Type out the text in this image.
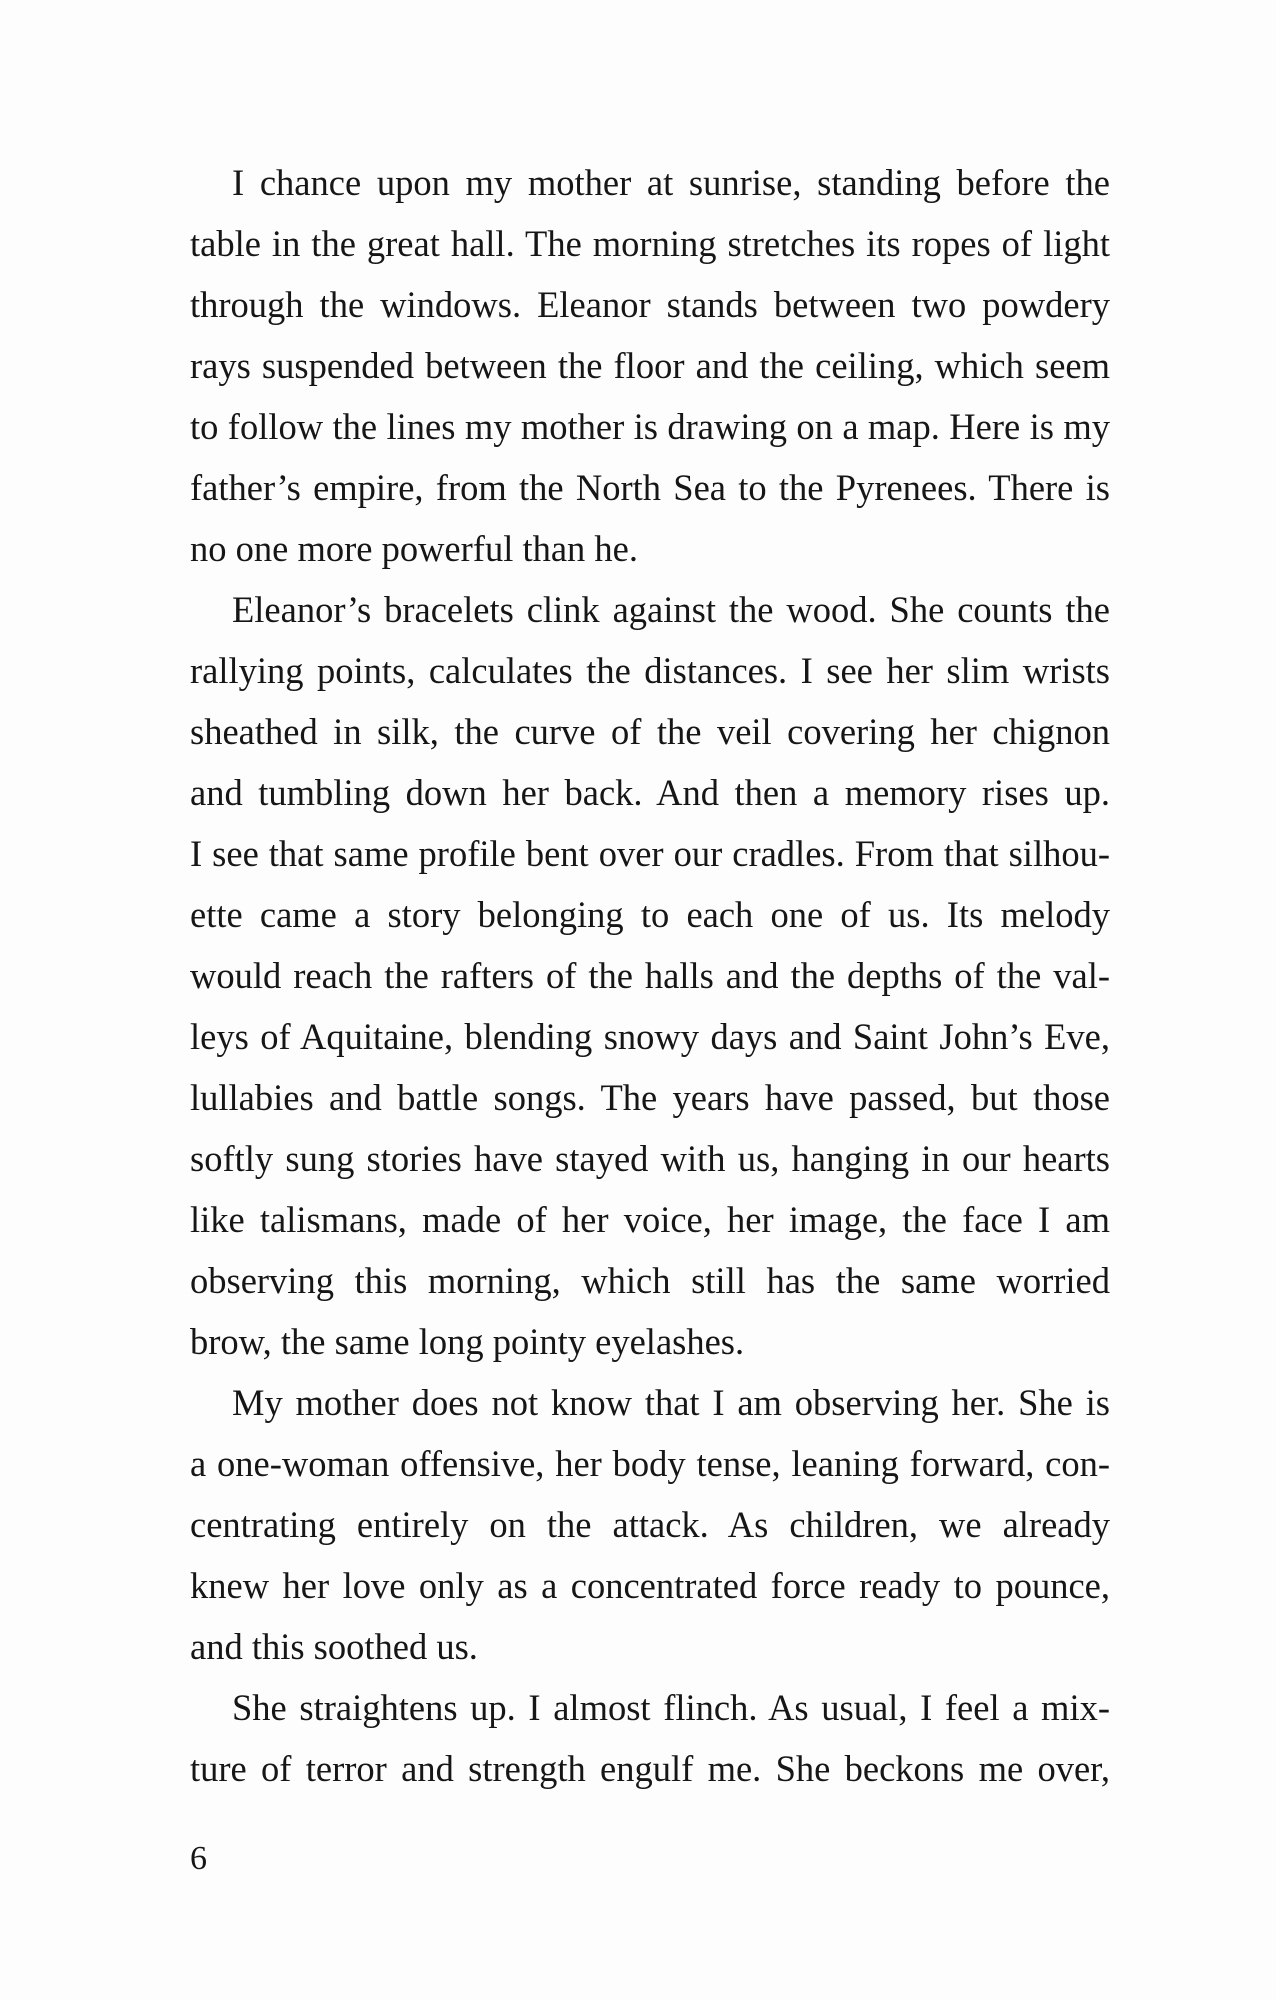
I chance upon my mother at sunrise, standing before the
table in the great hall. The morning stretches its ropes of light
through the windows. Eleanor stands between two powdery
rays suspended between the floor and the ceiling, which seem
to follow the lines my mother is drawing on a map. Here is my
father’s empire, from the North Sea to the Pyrenees. There is
no one more powerful than he.
Eleanor’s bracelets clink against the wood. She counts the
rallying points, calculates the distances. I see her slim wrists
sheathed in silk, the curve of the veil covering her chignon
and tumbling down her back. And then a memory rises up.
I see that same profile bent over our cradles. From that silhou-
ette came a story belonging to each one of us. Its melody
would reach the rafters of the halls and the depths of the val-
leys of Aquitaine, blending snowy days and Saint John’s Eve,
lullabies and battle songs. The years have passed, but those
softly sung stories have stayed with us, hanging in our hearts
like talismans, made of her voice, her image, the face I am
observing this morning, which still has the same worried
brow, the same long pointy eyelashes.
My mother does not know that I am observing her. She is
a one-woman offensive, her body tense, leaning forward, con-
centrating entirely on the attack. As children, we already
knew her love only as a concentrated force ready to pounce,
and this soothed us.
She straightens up. I almost flinch. As usual, I feel a mix-
ture of terror and strength engulf me. She beckons me over,
6
